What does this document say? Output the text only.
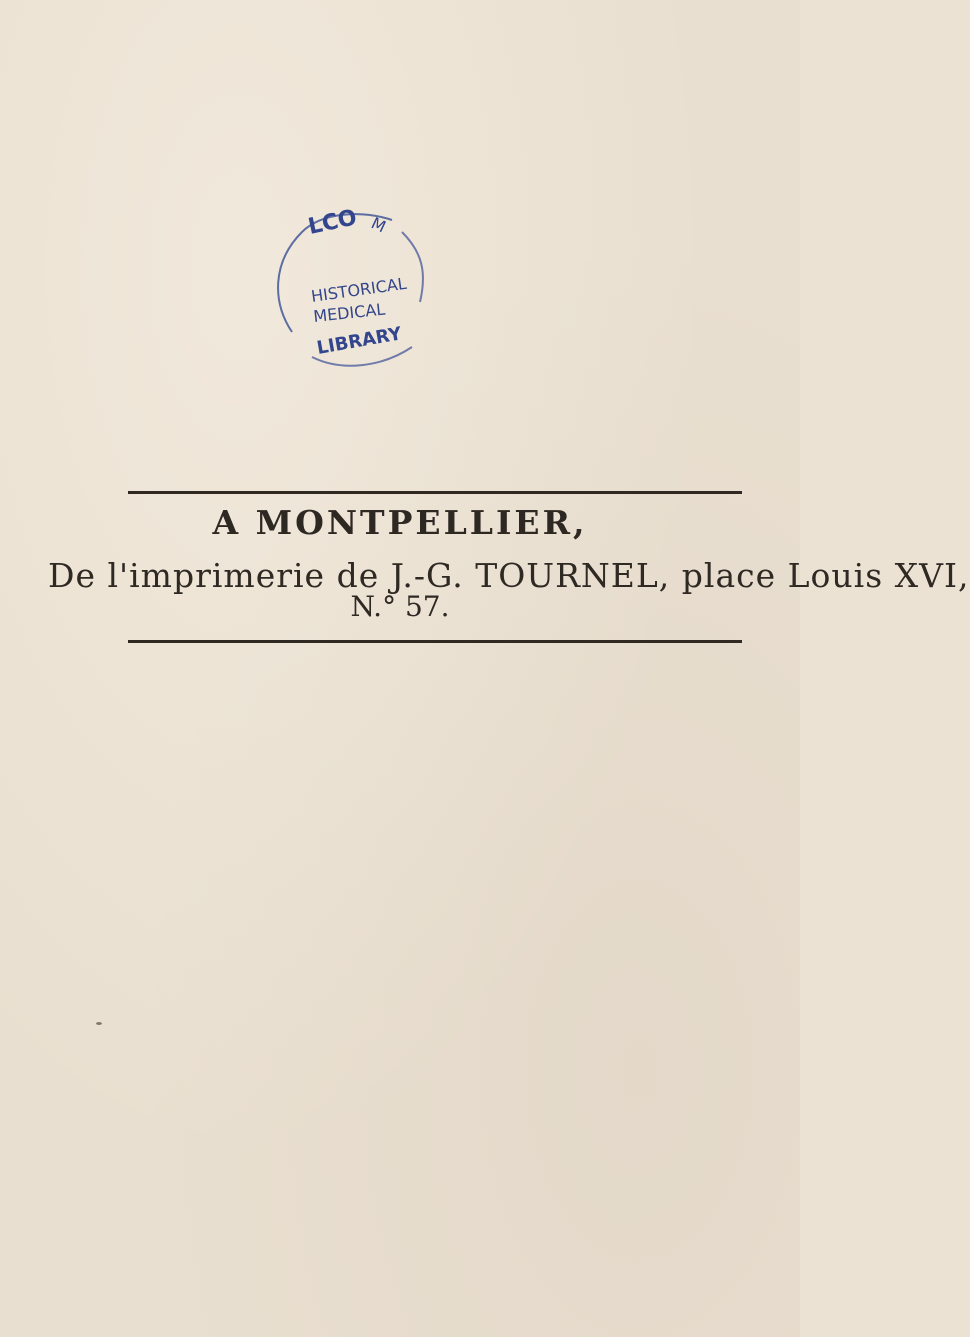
LCO M
HISTORICAL
MEDICAL
LIBRARY
A MONTPELLIER,
De l'imprimerie de J.-G. TOURNEL, place Louis XVI,
N.° 57.
